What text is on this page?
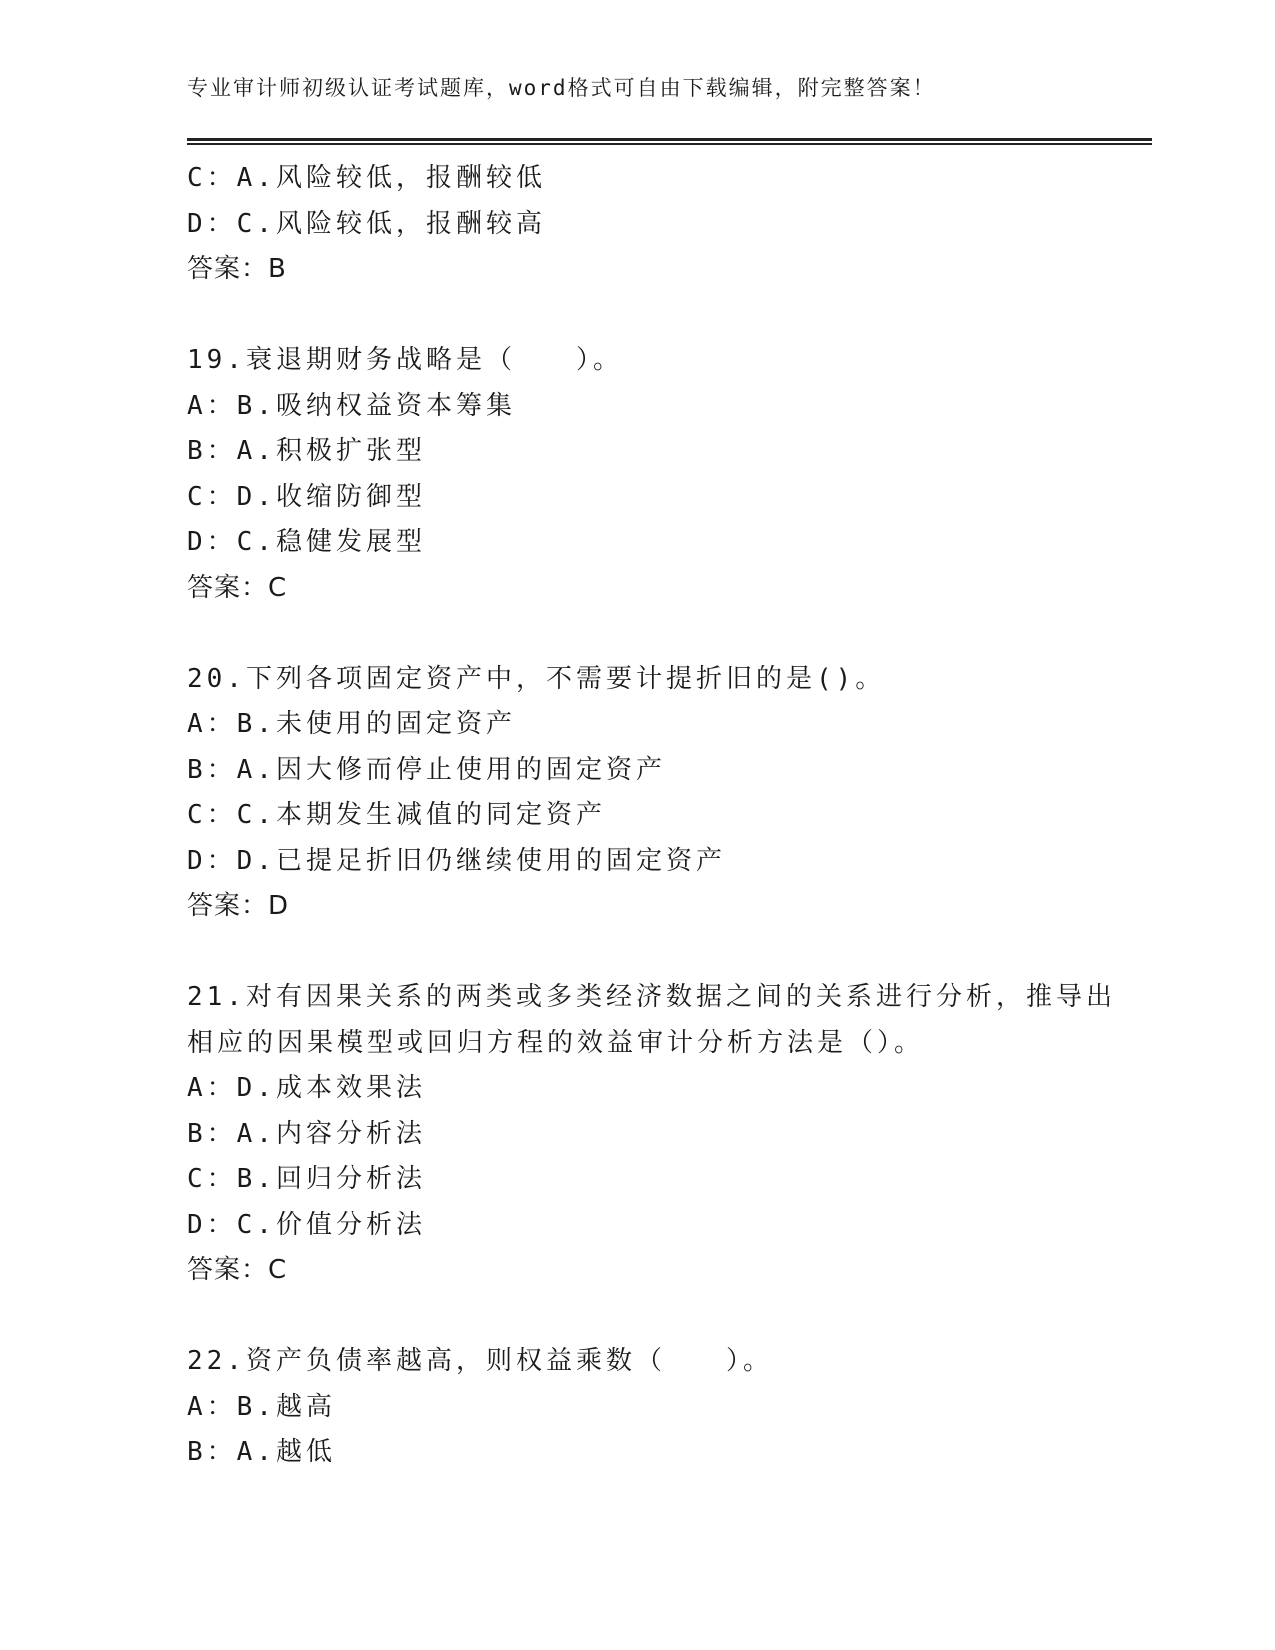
专业审计师初级认证考试题库，word格式可自由下载编辑，附完整答案！
C：A.风险较低，报酬较低
D：C.风险较低，报酬较高
答案：B
19.衰退期财务战略是（　　）。
A：B.吸纳权益资本筹集
B：A.积极扩张型
C：D.收缩防御型
D：C.稳健发展型
答案：C
20.下列各项固定资产中，不需要计提折旧的是()。
A：B.未使用的固定资产
B：A.因大修而停止使用的固定资产
C：C.本期发生减值的同定资产
D：D.已提足折旧仍继续使用的固定资产
答案：D
21.对有因果关系的两类或多类经济数据之间的关系进行分析，推导出
相应的因果模型或回归方程的效益审计分析方法是（）。
A：D.成本效果法
B：A.内容分析法
C：B.回归分析法
D：C.价值分析法
答案：C
22.资产负债率越高，则权益乘数（　　）。
A：B.越高
B：A.越低
